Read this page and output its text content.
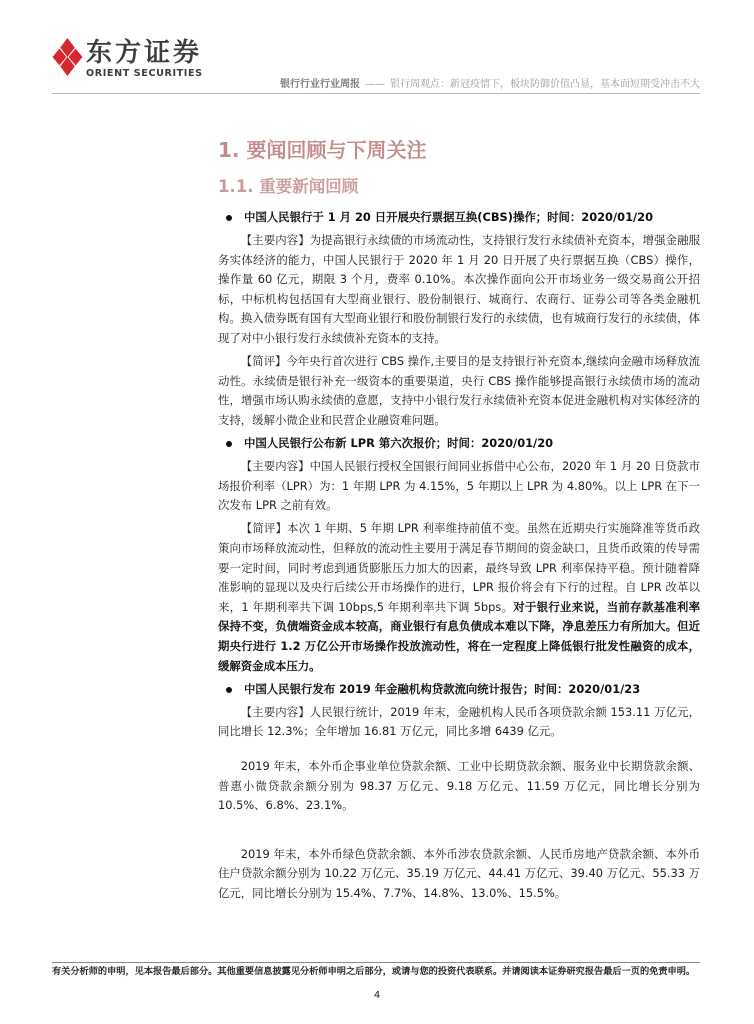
东方证券
ORIENT SECURITIES
银行行业行业周报 —— 银行周观点：新冠疫情下，板块防御价值凸显，基本面短期受冲击不大
1. 要闻回顾与下周关注
1.1. 重要新闻回顾
中国人民银行于 1 月 20 日开展央行票据互换(CBS)操作；时间：2020/01/20

【主要内容】为提高银行永续债的市场流动性，支持银行发行永续债补充资本，增强金融服务实体经济的能力，中国人民银行于 2020 年 1 月 20 日开展了央行票据互换（CBS）操作，操作量 60 亿元，期限 3 个月，费率 0.10%。本次操作面向公开市场业务一级交易商公开招标，中标机构包括国有大型商业银行、股份制银行、城商行、农商行、证券公司等各类金融机构。换入债券既有国有大型商业银行和股份制银行发行的永续债，也有城商行发行的永续债，体现了对中小银行发行永续债补充资本的支持。

【简评】今年央行首次进行 CBS 操作,主要目的是支持银行补充资本,继续向金融市场释放流动性。永续债是银行补充一级资本的重要渠道，央行 CBS 操作能够提高银行永续债市场的流动性，增强市场认购永续债的意愿，支持中小银行发行永续债补充资本促进金融机构对实体经济的支持，缓解小微企业和民营企业融资难问题。

中国人民银行公布新 LPR 第六次报价；时间：2020/01/20

【主要内容】中国人民银行授权全国银行间同业拆借中心公布，2020 年 1 月 20 日贷款市场报价利率（LPR）为：1 年期 LPR 为 4.15%，5 年期以上 LPR 为 4.80%。以上 LPR 在下一次发布 LPR 之前有效。

【简评】本次 1 年期、5 年期 LPR 利率维持前值不变。虽然在近期央行实施降准等货币政策向市场释放流动性，但释放的流动性主要用于满足春节期间的资金缺口，且货币政策的传导需要一定时间，同时考虑到通货膨胀压力加大的因素，最终导致 LPR 利率保持平稳。预计随着降准影响的显现以及央行后续公开市场操作的进行，LPR 报价将会有下行的过程。自 LPR 改革以来，1 年期利率共下调 10bps,5 年期利率共下调 5bps。对于银行业来说，当前存款基准利率保持不变，负债端资金成本较高，商业银行有息负债成本难以下降，净息差压力有所加大。但近期央行进行 1.2 万亿公开市场操作投放流动性，将在一定程度上降低银行批发性融资的成本，缓解资金成本压力。

中国人民银行发布 2019 年金融机构贷款流向统计报告；时间：2020/01/23

【主要内容】人民银行统计，2019 年末，金融机构人民币各项贷款余额 153.11 万亿元，同比增长 12.3%；全年增加 16.81 万亿元，同比多增 6439 亿元。

2019 年末，本外币企事业单位贷款余额、工业中长期贷款余额、服务业中长期贷款余额、普惠小微贷款余额分别为 98.37 万亿元、9.18 万亿元、11.59 万亿元，同比增长分别为 10.5%、6.8%、23.1%。

2019 年末，本外币绿色贷款余额、本外币涉农贷款余额、人民币房地产贷款余额、本外币住户贷款余额分别为 10.22 万亿元、35.19 万亿元、44.41 万亿元、39.40 万亿元、55.33 万亿元，同比增长分别为 15.4%、7.7%、14.8%、13.0%、15.5%。

有关分析师的申明，见本报告最后部分。其他重要信息披露见分析师申明之后部分，或请与您的投资代表联系。并请阅读本证券研究报告最后一页的免责申明。
4
